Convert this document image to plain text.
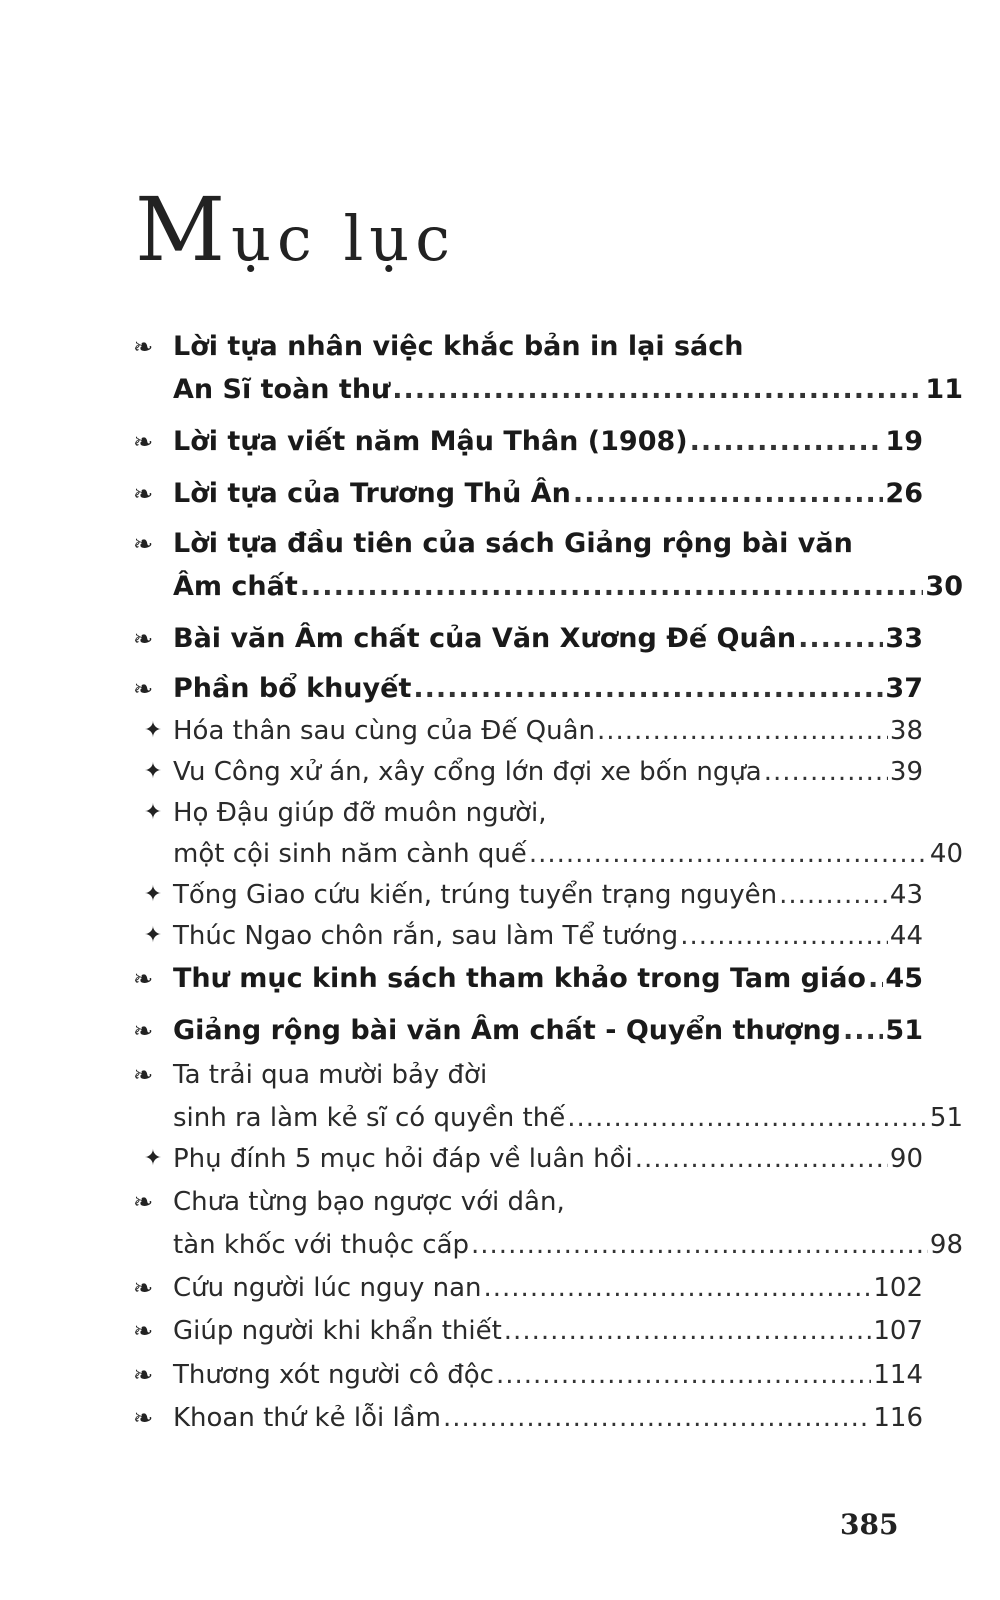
Mục lục
❧ Lời tựa nhân việc khắc bản in lại sách
An Sĩ toàn thư .....	11
❧ Lời tựa viết năm Mậu Thân (1908) .....	19
❧ Lời tựa của Trương Thủ Ân .....	26
❧ Lời tựa đầu tiên của sách Giảng rộng bài văn
Âm chất .....	30
❧ Bài văn Âm chất của Văn Xương Đế Quân .....	33
❧ Phần bổ khuyết .....	37
✦ Hóa thân sau cùng của Đế Quân .....	38
✦ Vu Công xử án, xây cổng lớn đợi xe bốn ngựa .....	39
✦ Họ Đậu giúp đỡ muôn người,
một cội sinh năm cành quế .....	40
✦ Tống Giao cứu kiến, trúng tuyển trạng nguyên .....	43
✦ Thúc Ngao chôn rắn, sau làm Tể tướng .....	44
❧ Thư mục kinh sách tham khảo trong Tam giáo ..... 45
❧ Giảng rộng bài văn Âm chất - Quyển thượng ..... 51
❧ Ta trải qua mười bảy đời
sinh ra làm kẻ sĩ có quyền thế .....	51
✦ Phụ đính 5 mục hỏi đáp về luân hồi .....	90
❧ Chưa từng bạo ngược với dân,
tàn khốc với thuộc cấp .....	98
❧ Cứu người lúc nguy nan .....	102
❧ Giúp người khi khẩn thiết .....	107
❧ Thương xót người cô độc .....	114
❧ Khoan thứ kẻ lỗi lầm .....	116
385
